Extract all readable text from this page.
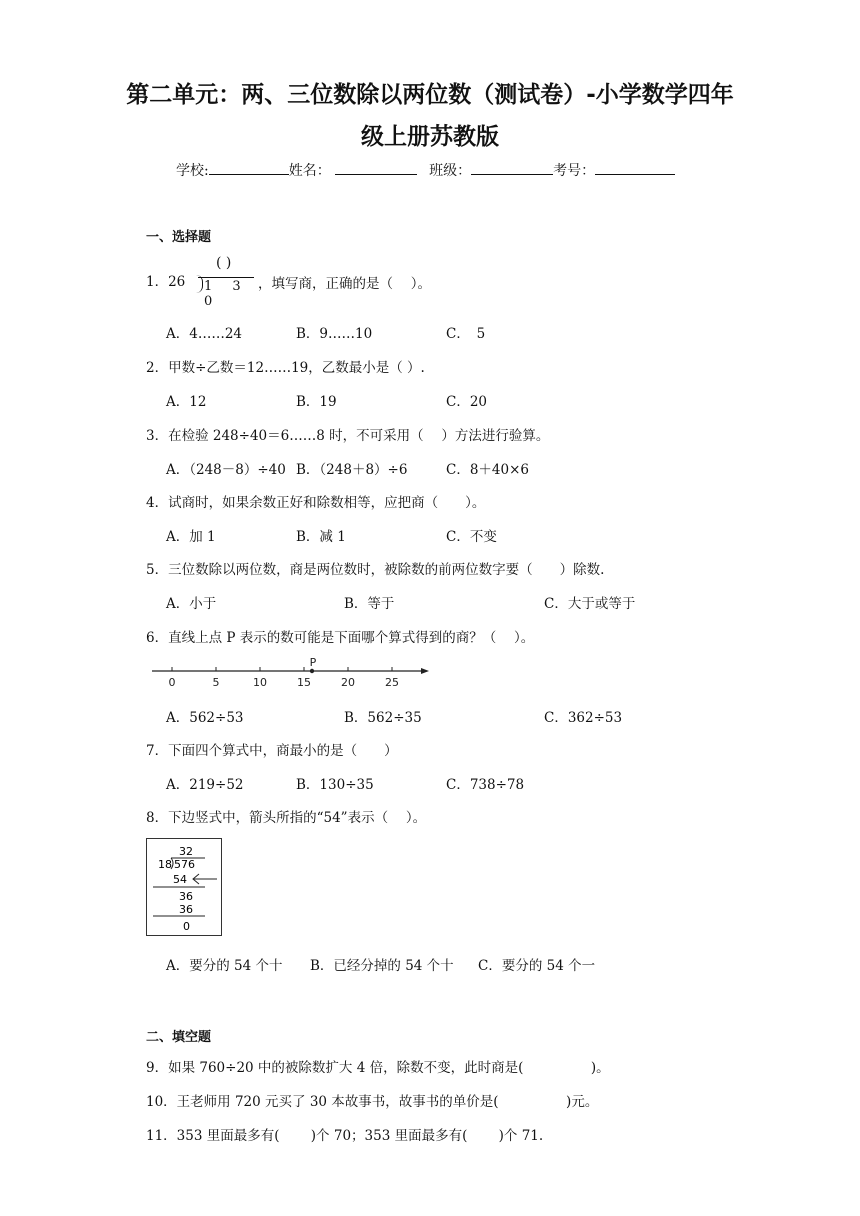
第二单元：两、三位数除以两位数（测试卷）-小学数学四年
级上册苏教版
学校:	姓名：	班级：	考号：
一、选择题
1．26
( )
1 3 0
，填写商，正确的是（　 ）。
A．4……24	B．9……10	C．　5
2．甲数÷乙数＝12……19，乙数最小是（ ）.
A．12	B．19	C．20
3．在检验 248÷40＝6……8 时，不可采用（　 ）方法进行验算。
A．（248－8）÷40 B．（248＋8）÷6	C．8＋40×6
4．试商时，如果余数正好和除数相等，应把商（　　）。
A．加 1	B．减 1	C．不变
5．三位数除以两位数，商是两位数时，被除数的前两位数字要（　　）除数.
A．小于	B．等于	C．大于或等于
6．直线上点 P 表示的数可能是下面哪个算式得到的商？（　 ）。
0	5	10	15	20	25
P
A．562÷53	B．562÷35	C．362÷53
7．下面四个算式中，商最小的是（　　）
A．219÷52	B．130÷35	C．738÷78
8．下边竖式中，箭头所指的“54”表示（　 ）。
32
18 576
54
36
36
0
A．要分的 54 个十 B．已经分掉的 54 个十 C．要分的 54 个一
二、填空题
9．如果 760÷20 中的被除数扩大 4 倍，除数不变，此时商是(　　　　　)。
10．王老师用 720 元买了 30 本故事书，故事书的单价是(　　　　　)元。
11．353 里面最多有(　　 )个 70；353 里面最多有(　　 )个 71.
